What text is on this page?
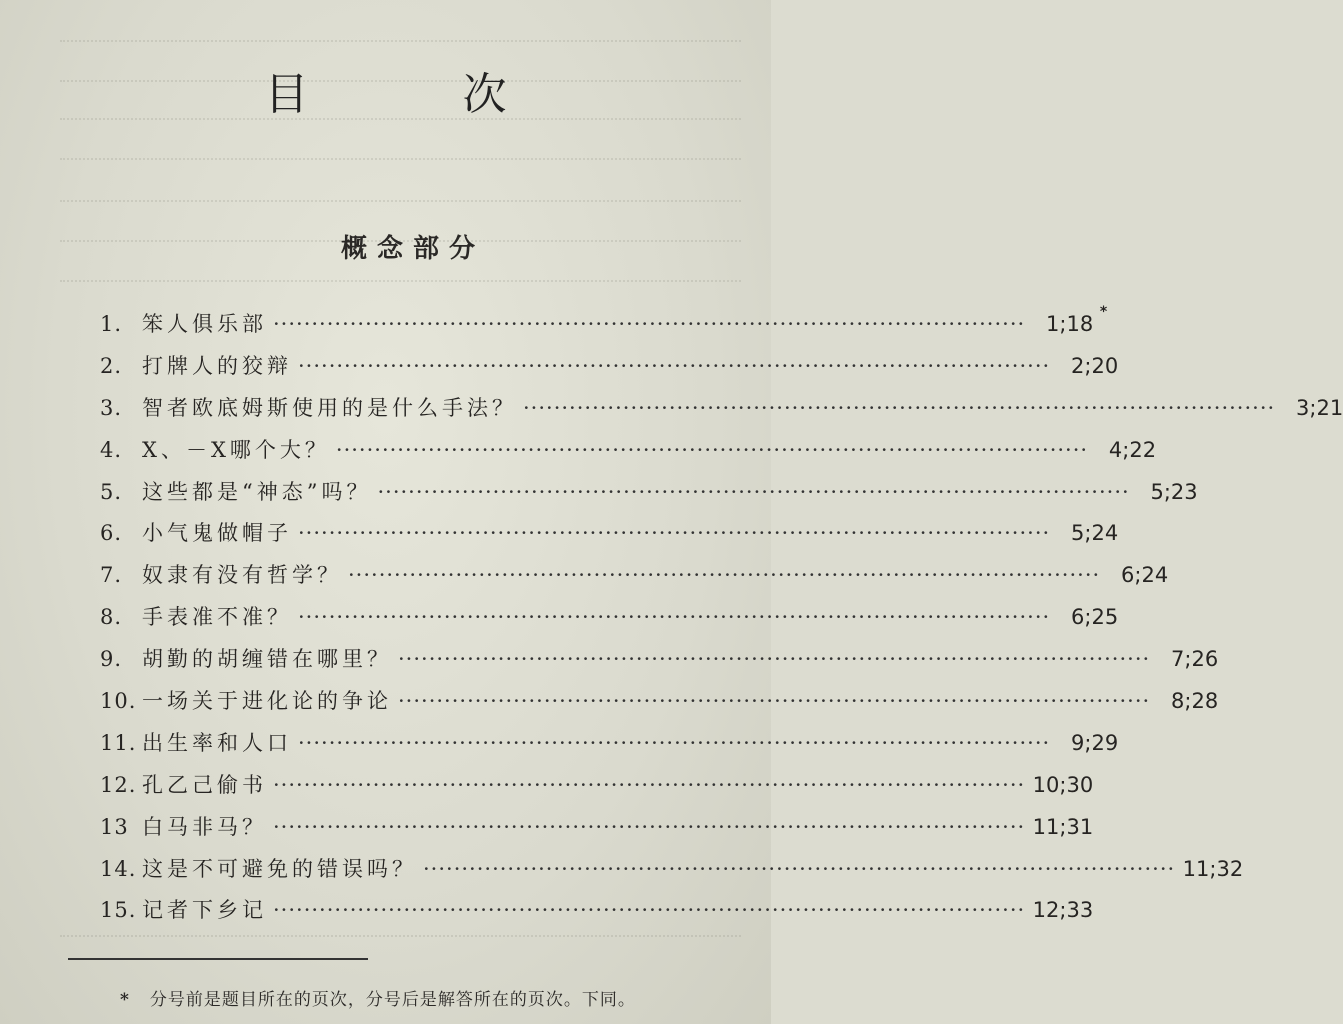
目 次
概念部分
1. 笨人俱乐部 ·································································································· 1;18 *
2. 打牌人的狡辩 ·································································································· 2;20
3. 智者欧底姆斯使用的是什么手法？ ·································································································· 3;21
4. X、－X哪个大？ ·································································································· 4;22
5. 这些都是“神态”吗？ ·································································································· 5;23
6. 小气鬼做帽子 ·································································································· 5;24
7. 奴隶有没有哲学？ ·································································································· 6;24
8. 手表准不准？ ·································································································· 6;25
9. 胡勤的胡缠错在哪里？ ·································································································· 7;26
10. 一场关于进化论的争论 ·································································································· 8;28
11. 出生率和人口 ·································································································· 9;29
12. 孔乙己偷书 ·································································································· 10;30
13 白马非马？ ·································································································· 11;31
14. 这是不可避免的错误吗？ ·································································································· 11;32
15. 记者下乡记 ·································································································· 12;33
* 分号前是题目所在的页次，分号后是解答所在的页次。下同。
